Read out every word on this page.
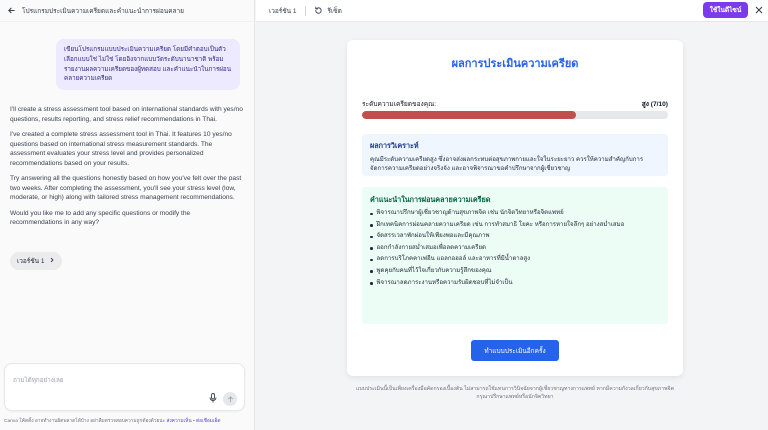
โปรแกรมประเมินความเครียดและคำแนะนำการผ่อนคลาย
เขียนโปรแกรมแบบประเมินความเครียด โดยมีคำตอบเป็นตัวเลือกแบบใช่ ไม่ใช่ โดยอิงจากแบบวัดระดับนานาชาติ พร้อมรายงานผลความเครียดของผู้ทดสอบ และคำแนะนำในการผ่อนคลายความเครียด

I'll create a stress assessment tool based on international standards with yes/no questions, results reporting, and stress relief recommendations in Thai.

I've created a complete stress assessment tool in Thai. It features 10 yes/no questions based on international stress measurement standards. The assessment evaluates your stress level and provides personalized recommendations based on your results.

Try answering all the questions honestly based on how you've felt over the past two weeks. After completing the assessment, you'll see your stress level (low, moderate, or high) along with tailored stress management recommendations.

Would you like me to add any specific questions or modify the recommendations in any way?

เวอร์ชัน 1
ถามได้ทุกอย่างเลย
Canva โค้ดดิ้ง อาจทำงานผิดพลาดได้บ้าง อย่าลืมตรวจสอบความถูกต้องด้วยนะ ส่งความเห็น • ต่อเชื่อมเอ็ด
เวอร์ชัน 1	รีเซ็ต	ใช้ในดีไซน์
ผลการประเมินความเครียด
ระดับความเครียดของคุณ:	สูง (7/10)
ผลการวิเคราะห์
คุณมีระดับความเครียดสูง ซึ่งอาจส่งผลกระทบต่อสุขภาพกายและใจในระยะยาว ควรให้ความสำคัญกับการจัดการความเครียดอย่างจริงจัง และอาจพิจารณาขอคำปรึกษาจากผู้เชี่ยวชาญ
คำแนะนำในการผ่อนคลายความเครียด
พิจารณาปรึกษาผู้เชี่ยวชาญด้านสุขภาพจิต เช่น นักจิตวิทยาหรือจิตแพทย์
ฝึกเทคนิคการผ่อนคลายความเครียด เช่น การทำสมาธิ โยคะ หรือการหายใจลึกๆ อย่างสม่ำเสมอ
จัดสรรเวลาพักผ่อนให้เพียงพอและมีคุณภาพ
ออกกำลังกายสม่ำเสมอเพื่อลดความเครียด
ลดการบริโภคคาเฟอีน แอลกอฮอล์ และอาหารที่มีน้ำตาลสูง
พูดคุยกับคนที่ไว้ใจเกี่ยวกับความรู้สึกของคุณ
พิจารณาลดภาระงานหรือความรับผิดชอบที่ไม่จำเป็น
ทำแบบประเมินอีกครั้ง
แบบประเมินนี้เป็นเพียงเครื่องมือคัดกรองเบื้องต้น ไม่สามารถใช้แทนการวินิจฉัยจากผู้เชี่ยวชาญทางการแพทย์ หากมีความกังวลเกี่ยวกับสุขภาพจิต กรุณาปรึกษาแพทย์หรือนักจิตวิทยา
